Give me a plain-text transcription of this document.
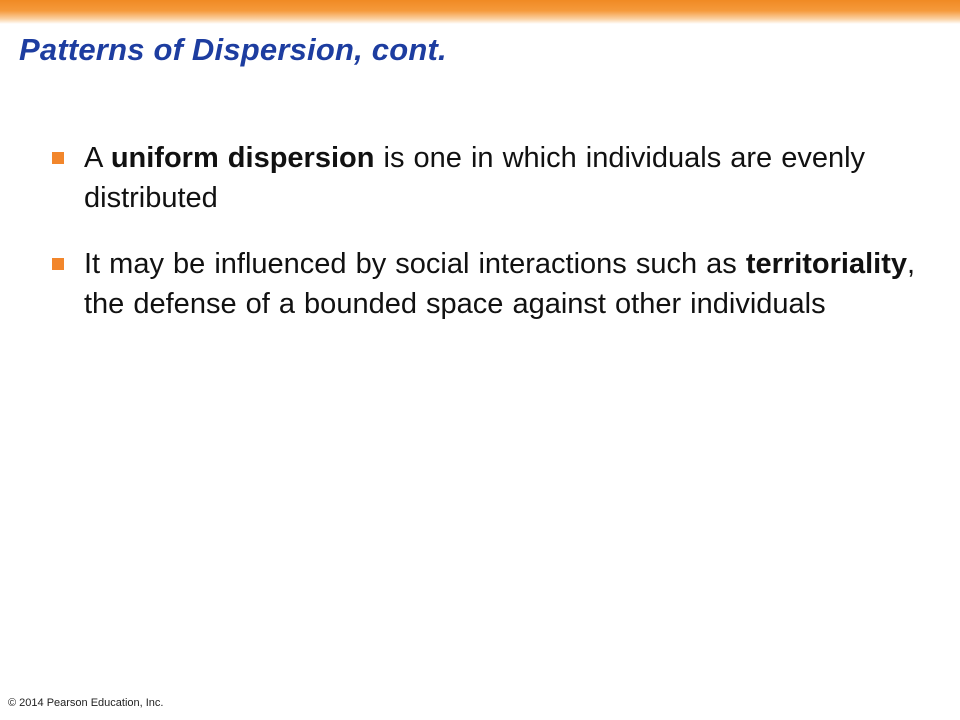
Patterns of Dispersion, cont.
A uniform dispersion is one in which individuals are evenly distributed
It may be influenced by social interactions such as territoriality, the defense of a bounded space against other individuals
© 2014 Pearson Education, Inc.
